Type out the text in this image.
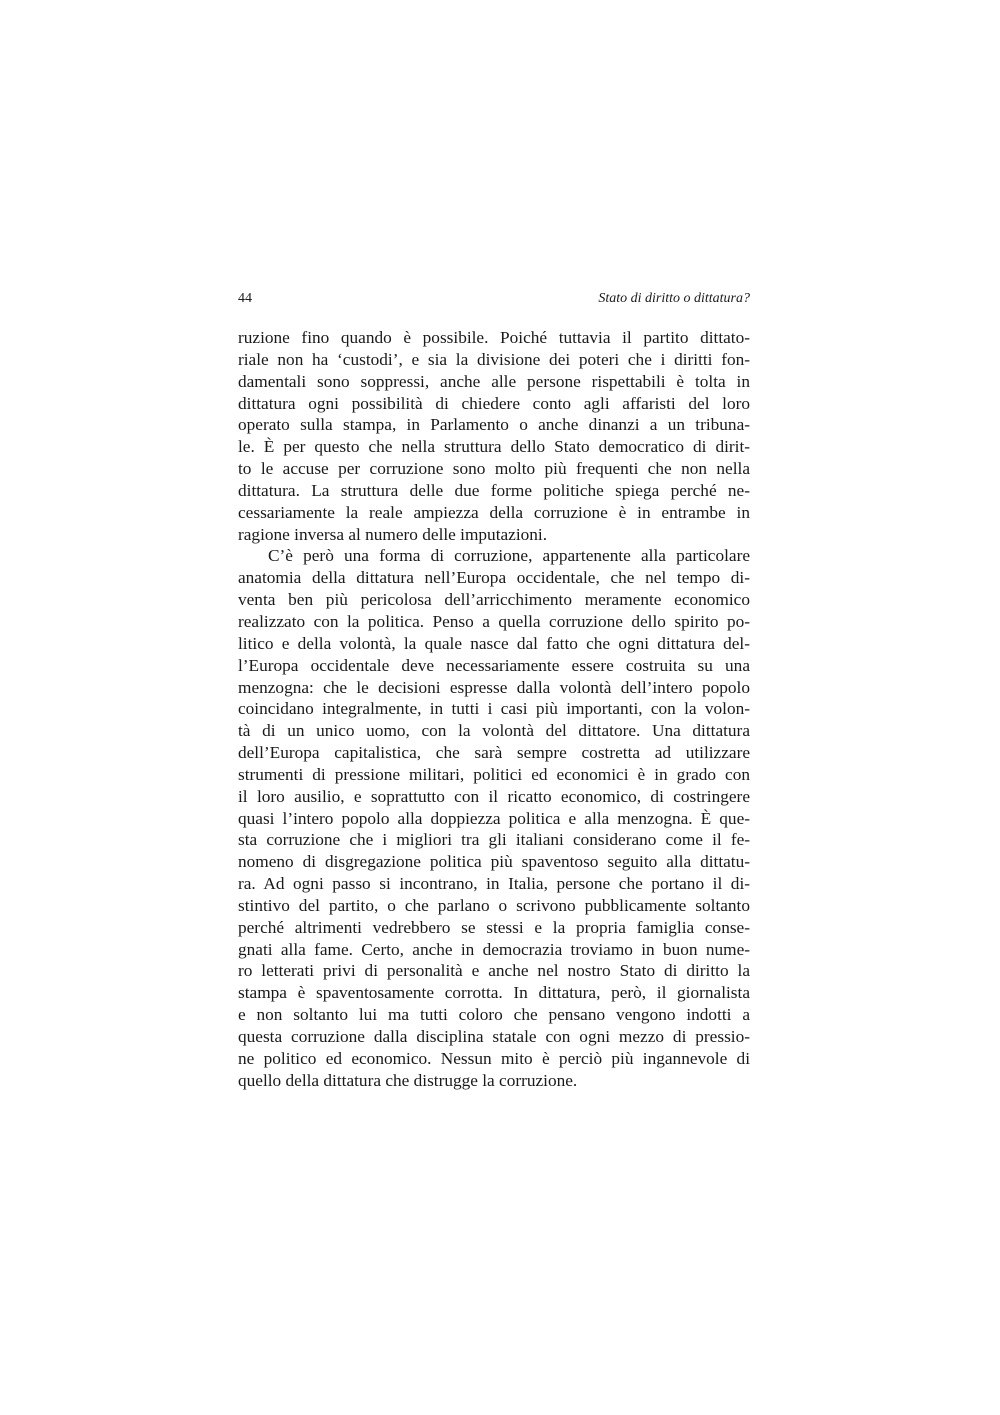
44	Stato di diritto o dittatura?
ruzione fino quando è possibile. Poiché tuttavia il partito dittato-
riale non ha ‘custodi’, e sia la divisione dei poteri che i diritti fon-
damentali sono soppressi, anche alle persone rispettabili è tolta in
dittatura ogni possibilità di chiedere conto agli affaristi del loro
operato sulla stampa, in Parlamento o anche dinanzi a un tribuna-
le. È per questo che nella struttura dello Stato democratico di dirit-
to le accuse per corruzione sono molto più frequenti che non nella
dittatura. La struttura delle due forme politiche spiega perché ne-
cessariamente la reale ampiezza della corruzione è in entrambe in
ragione inversa al numero delle imputazioni.
C’è però una forma di corruzione, appartenente alla particolare
anatomia della dittatura nell’Europa occidentale, che nel tempo di-
venta ben più pericolosa dell’arricchimento meramente economico
realizzato con la politica. Penso a quella corruzione dello spirito po-
litico e della volontà, la quale nasce dal fatto che ogni dittatura del-
l’Europa occidentale deve necessariamente essere costruita su una
menzogna: che le decisioni espresse dalla volontà dell’intero popolo
coincidano integralmente, in tutti i casi più importanti, con la volon-
tà di un unico uomo, con la volontà del dittatore. Una dittatura
dell’Europa capitalistica, che sarà sempre costretta ad utilizzare
strumenti di pressione militari, politici ed economici è in grado con
il loro ausilio, e soprattutto con il ricatto economico, di costringere
quasi l’intero popolo alla doppiezza politica e alla menzogna. È que-
sta corruzione che i migliori tra gli italiani considerano come il fe-
nomeno di disgregazione politica più spaventoso seguito alla dittatu-
ra. Ad ogni passo si incontrano, in Italia, persone che portano il di-
stintivo del partito, o che parlano o scrivono pubblicamente soltanto
perché altrimenti vedrebbero se stessi e la propria famiglia conse-
gnati alla fame. Certo, anche in democrazia troviamo in buon nume-
ro letterati privi di personalità e anche nel nostro Stato di diritto la
stampa è spaventosamente corrotta. In dittatura, però, il giornalista
e non soltanto lui ma tutti coloro che pensano vengono indotti a
questa corruzione dalla disciplina statale con ogni mezzo di pressio-
ne politico ed economico. Nessun mito è perciò più ingannevole di
quello della dittatura che distrugge la corruzione.
